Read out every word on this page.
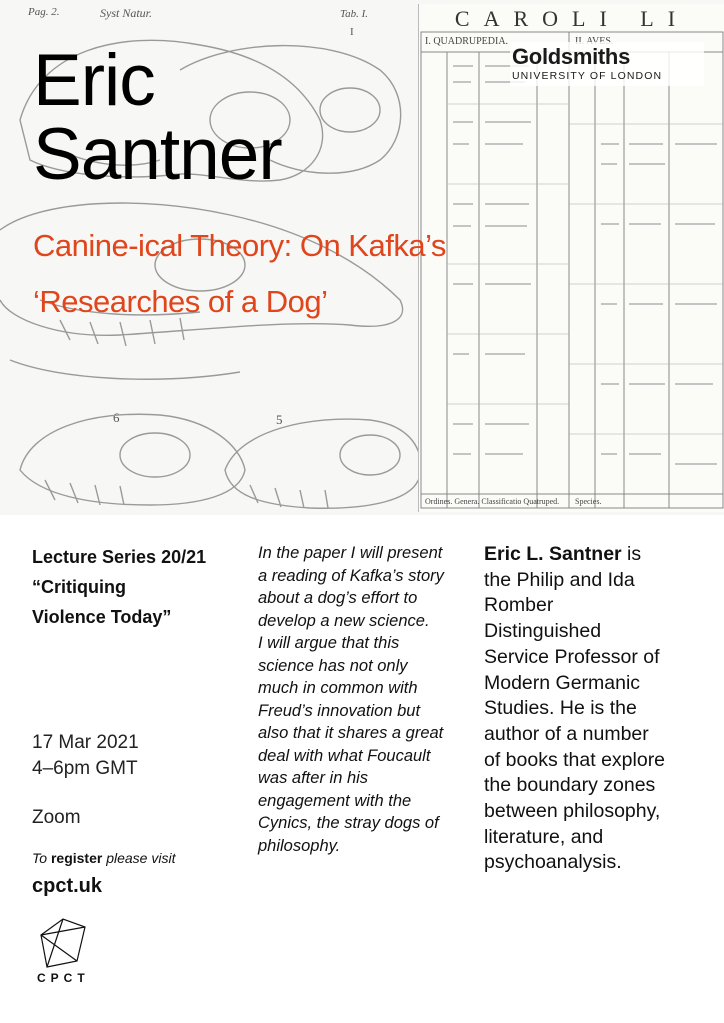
Pag. 2.	Syst Natur.	Tab. I.
I
6	5
CAROLI LI
I. QUADRUPEDIA.
Ordines. Genera. Classificatio Quatruped. Species.
Goldsmiths
UNIVERSITY OF LONDON
Eric
Santner
Canine-ical Theory: On Kafka’s
‘Researches of a Dog’
Lecture Series 20/21
“Critiquing
Violence Today”
17 Mar 2021
4–6pm GMT
Zoom
To register please visit
cpct.uk
CPCT

In the paper I will present
a reading of Kafka’s story
about a dog’s effort to
develop a new science.
I will argue that this
science has not only
much in common with
Freud’s innovation but
also that it shares a great
deal with what Foucault
was after in his
engagement with the
Cynics, the stray dogs of
philosophy.

Eric L. Santner is
the Philip and Ida
Romber
Distinguished
Service Professor of
Modern Germanic
Studies. He is the
author of a number
of books that explore
the boundary zones
between philosophy,
literature, and
psychoanalysis.
